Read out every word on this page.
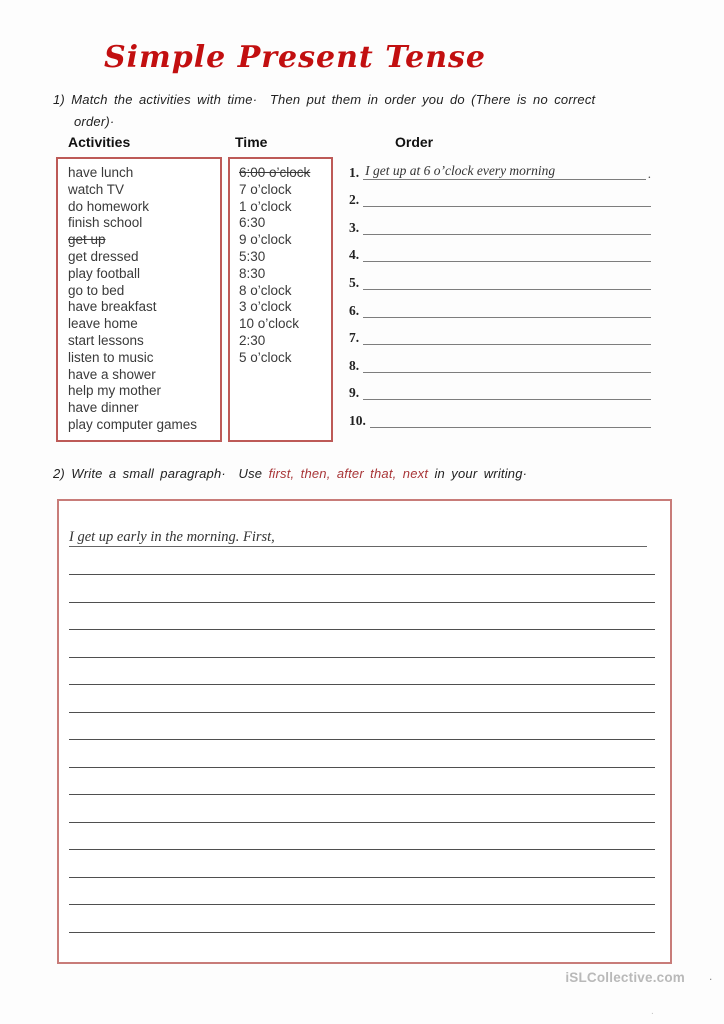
Simple Present Tense
1) Match the activities with time·  Then put them in order you do (There is no correct
order)·
Activities	Time	Order
have lunch
watch TV
do homework
finish school
get up
get dressed
play football
go to bed
have breakfast
leave home
start lessons
listen to music
have a shower
help my mother
have dinner
play computer games
6:00 o’clock
7 o’clock
1 o’clock
6:30
9 o’clock
5:30
8:30
8 o’clock
3 o’clock
10 o’clock
2:30
5 o’clock
1. I get up at 6 o’clock every morning	.
2.
3.
4.
5.
6.
7.
8.
9.
10.
2) Write a small paragraph·  Use first, then, after that, next in your writing·
I get up early in the morning. First,
iSLCollective.com .
.
